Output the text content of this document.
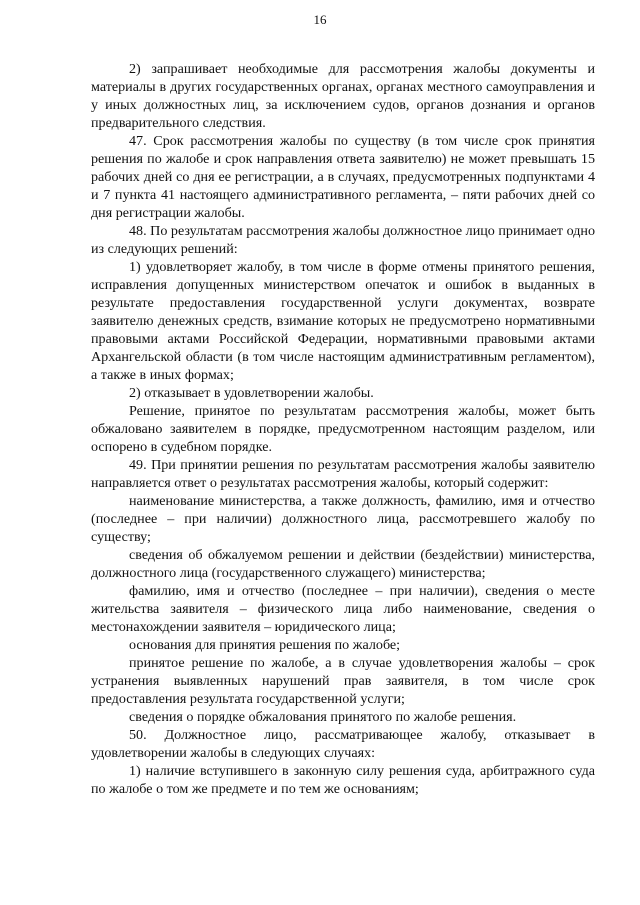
16

2) запрашивает необходимые для рассмотрения жалобы документы и материалы в других государственных органах, органах местного самоуправления и у иных должностных лиц, за исключением судов, органов дознания и органов предварительного следствия.

47. Срок рассмотрения жалобы по существу (в том числе срок принятия решения по жалобе и срок направления ответа заявителю) не может превышать 15 рабочих дней со дня ее регистрации, а в случаях, предусмотренных подпунктами 4 и 7 пункта 41 настоящего административного регламента, – пяти рабочих дней со дня регистрации жалобы.

48. По результатам рассмотрения жалобы должностное лицо принимает одно из следующих решений:

1) удовлетворяет жалобу, в том числе в форме отмены принятого решения, исправления допущенных министерством опечаток и ошибок в выданных в результате предоставления государственной услуги документах, возврате заявителю денежных средств, взимание которых не предусмотрено нормативными правовыми актами Российской Федерации, нормативными правовыми актами Архангельской области (в том числе настоящим административным регламентом), а также в иных формах;

2) отказывает в удовлетворении жалобы.

Решение, принятое по результатам рассмотрения жалобы, может быть обжаловано заявителем в порядке, предусмотренном настоящим разделом, или оспорено в судебном порядке.

49. При принятии решения по результатам рассмотрения жалобы заявителю направляется ответ о результатах рассмотрения жалобы, который содержит:

наименование министерства, а также должность, фамилию, имя и отчество (последнее – при наличии) должностного лица, рассмотревшего жалобу по существу;

сведения об обжалуемом решении и действии (бездействии) министерства, должностного лица (государственного служащего) министерства;

фамилию, имя и отчество (последнее – при наличии), сведения о месте жительства заявителя – физического лица либо наименование, сведения о местонахождении заявителя – юридического лица;

основания для принятия решения по жалобе;

принятое решение по жалобе, а в случае удовлетворения жалобы – срок устранения выявленных нарушений прав заявителя, в том числе срок предоставления результата государственной услуги;

сведения о порядке обжалования принятого по жалобе решения.

50. Должностное лицо, рассматривающее жалобу, отказывает в удовлетворении жалобы в следующих случаях:

1) наличие вступившего в законную силу решения суда, арбитражного суда по жалобе о том же предмете и по тем же основаниям;
